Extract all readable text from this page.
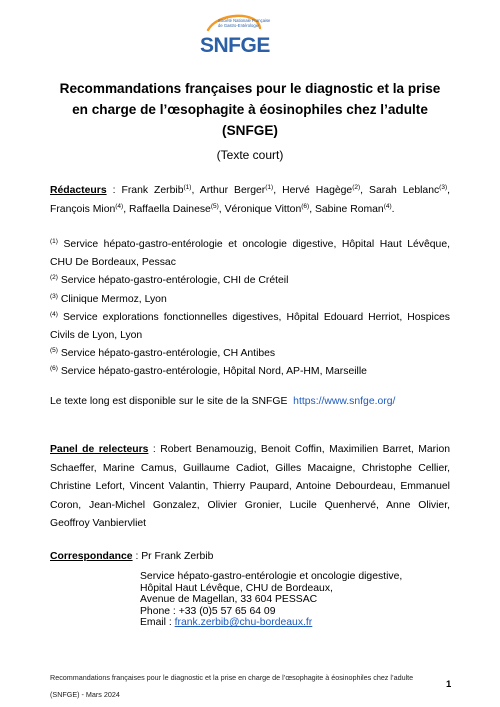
Société Nationale Française
de Gastro-Entérologie
SNFGE
Recommandations françaises pour le diagnostic et la prise
en charge de l’œsophagite à éosinophiles chez l’adulte
(SNFGE)
(Texte court)
Rédacteurs : Frank Zerbib$^{(1)}$, Arthur Berger$^{(1)}$, Hervé Hagège$^{(2)}$, Sarah Leblanc$^{(3)}$, François Mion$^{(4)}$, Raffaella Dainese$^{(5)}$, Véronique Vitton$^{(6)}$, Sabine Roman$^{(4)}$.
$^{(1)}$ Service hépato-gastro-entérologie et oncologie digestive, Hôpital Haut Lévêque, CHU De Bordeaux, Pessac
$^{(2)}$ Service hépato-gastro-entérologie, CHI de Créteil
$^{(3)}$ Clinique Mermoz, Lyon
$^{(4)}$ Service explorations fonctionnelles digestives, Hôpital Edouard Herriot, Hospices Civils de Lyon, Lyon
$^{(5)}$ Service hépato-gastro-entérologie, CH Antibes
$^{(6)}$ Service hépato-gastro-entérologie, Hôpital Nord, AP-HM, Marseille
Le texte long est disponible sur le site de la SNFGE https://www.snfge.org/
Panel de relecteurs : Robert Benamouzig, Benoit Coffin, Maximilien Barret, Marion Schaeffer, Marine Camus, Guillaume Cadiot, Gilles Macaigne, Christophe Cellier, Christine Lefort, Vincent Valantin, Thierry Paupard, Antoine Debourdeau, Emmanuel Coron, Jean-Michel Gonzalez, Olivier Gronier, Lucile Quenhervé, Anne Olivier, Geoffroy Vanbiervliet
Correspondance : Pr Frank Zerbib
Service hépato-gastro-entérologie et oncologie digestive,
Hôpital Haut Lévêque, CHU de Bordeaux,
Avenue de Magellan, 33 604 PESSAC
Phone : +33 (0)5 57 65 64 09
Email : frank.zerbib@chu-bordeaux.fr
Recommandations françaises pour le diagnostic et la prise en charge de l’œsophagite à éosinophiles chez l’adulte
(SNFGE) - Mars 2024
1
